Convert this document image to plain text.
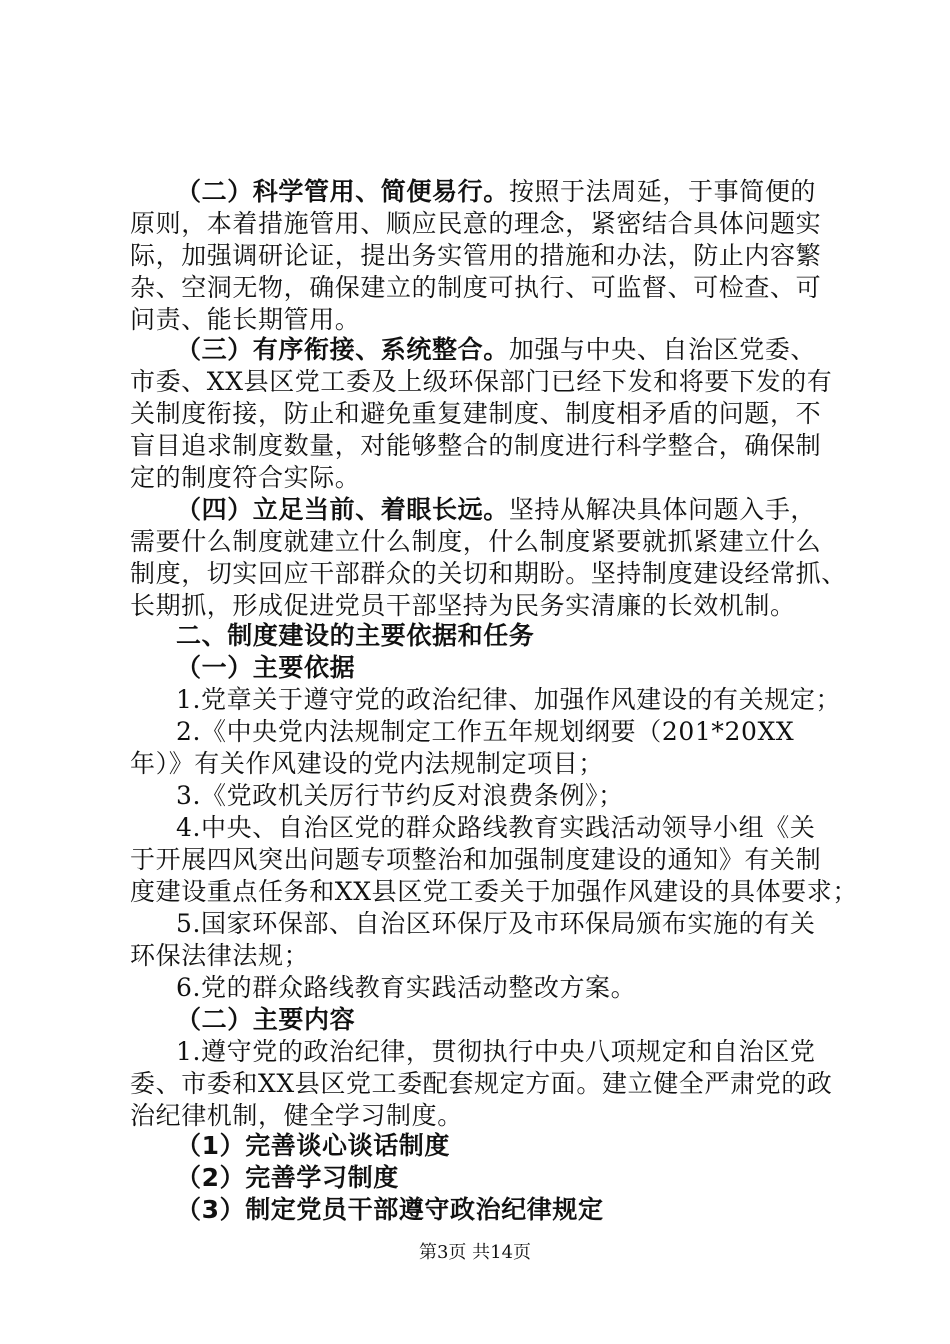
（二）科学管用、简便易行。按照于法周延，于事简便的
原则，本着措施管用、顺应民意的理念，紧密结合具体问题实
际，加强调研论证，提出务实管用的措施和办法，防止内容繁
杂、空洞无物，确保建立的制度可执行、可监督、可检查、可
问责、能长期管用。
（三）有序衔接、系统整合。加强与中央、自治区党委、
市委、XX县区党工委及上级环保部门已经下发和将要下发的有
关制度衔接，防止和避免重复建制度、制度相矛盾的问题，不
盲目追求制度数量，对能够整合的制度进行科学整合，确保制
定的制度符合实际。
（四）立足当前、着眼长远。坚持从解决具体问题入手，
需要什么制度就建立什么制度，什么制度紧要就抓紧建立什么
制度，切实回应干部群众的关切和期盼。坚持制度建设经常抓、
长期抓，形成促进党员干部坚持为民务实清廉的长效机制。
二、制度建设的主要依据和任务
（一）主要依据
1.党章关于遵守党的政治纪律、加强作风建设的有关规定；
2.《中央党内法规制定工作五年规划纲要（201*20XX
年）》有关作风建设的党内法规制定项目；
3.《党政机关厉行节约反对浪费条例》；
4.中央、自治区党的群众路线教育实践活动领导小组《关
于开展四风突出问题专项整治和加强制度建设的通知》有关制
度建设重点任务和XX县区党工委关于加强作风建设的具体要求；
5.国家环保部、自治区环保厅及市环保局颁布实施的有关
环保法律法规；
6.党的群众路线教育实践活动整改方案。
（二）主要内容
1.遵守党的政治纪律，贯彻执行中央八项规定和自治区党
委、市委和XX县区党工委配套规定方面。建立健全严肃党的政
治纪律机制，健全学习制度。
（1）完善谈心谈话制度
（2）完善学习制度
（3）制定党员干部遵守政治纪律规定
第3页 共14页
